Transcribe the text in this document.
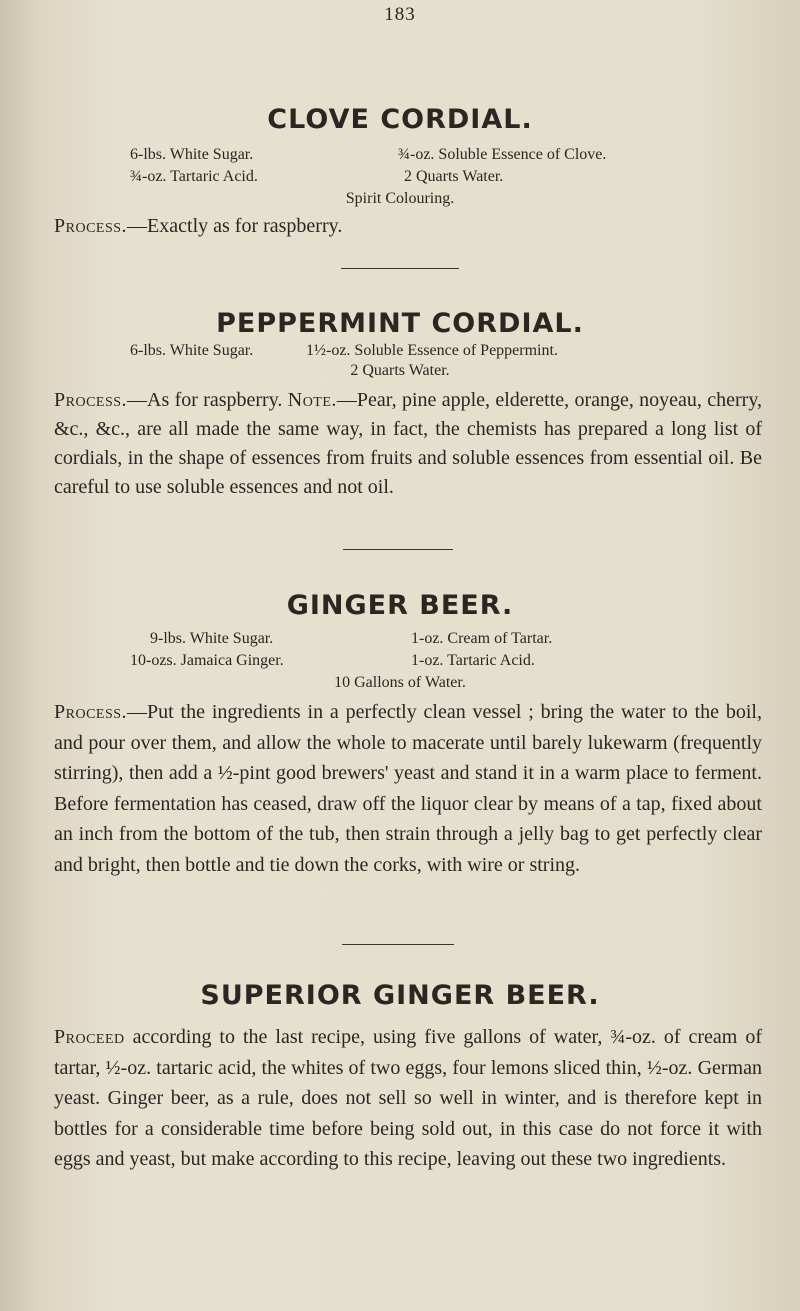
183
CLOVE CORDIAL.
6-lbs. White Sugar.	¾-oz. Soluble Essence of Clove.
¾-oz. Tartaric Acid.	2 Quarts Water.
Spirit Colouring.

Process.—Exactly as for raspberry.

PEPPERMINT CORDIAL.
6-lbs. White Sugar.	1½-oz. Soluble Essence of Peppermint.
2 Quarts Water.

Process.—As for raspberry. Note.—Pear, pine apple, elderette, orange, noyeau, cherry, &c., &c., are all made the same way, in fact, the chemists has prepared a long list of cordials, in the shape of essences from fruits and soluble essences from essential oil. Be careful to use soluble essences and not oil.

GINGER BEER.
9-lbs. White Sugar.	1-oz. Cream of Tartar.
10-ozs. Jamaica Ginger.	1-oz. Tartaric Acid.
10 Gallons of Water.

Process.—Put the ingredients in a perfectly clean vessel ; bring the water to the boil, and pour over them, and allow the whole to macerate until barely lukewarm (frequently stirring), then add a ½-pint good brewers' yeast and stand it in a warm place to ferment. Before fermentation has ceased, draw off the liquor clear by means of a tap, fixed about an inch from the bottom of the tub, then strain through a jelly bag to get perfectly clear and bright, then bottle and tie down the corks, with wire or string.

SUPERIOR GINGER BEER.

Proceed according to the last recipe, using five gallons of water, ¾-oz. of cream of tartar, ½-oz. tartaric acid, the whites of two eggs, four lemons sliced thin, ½-oz. German yeast. Ginger beer, as a rule, does not sell so well in winter, and is therefore kept in bottles for a considerable time before being sold out, in this case do not force it with eggs and yeast, but make according to this recipe, leaving out these two ingredients.
